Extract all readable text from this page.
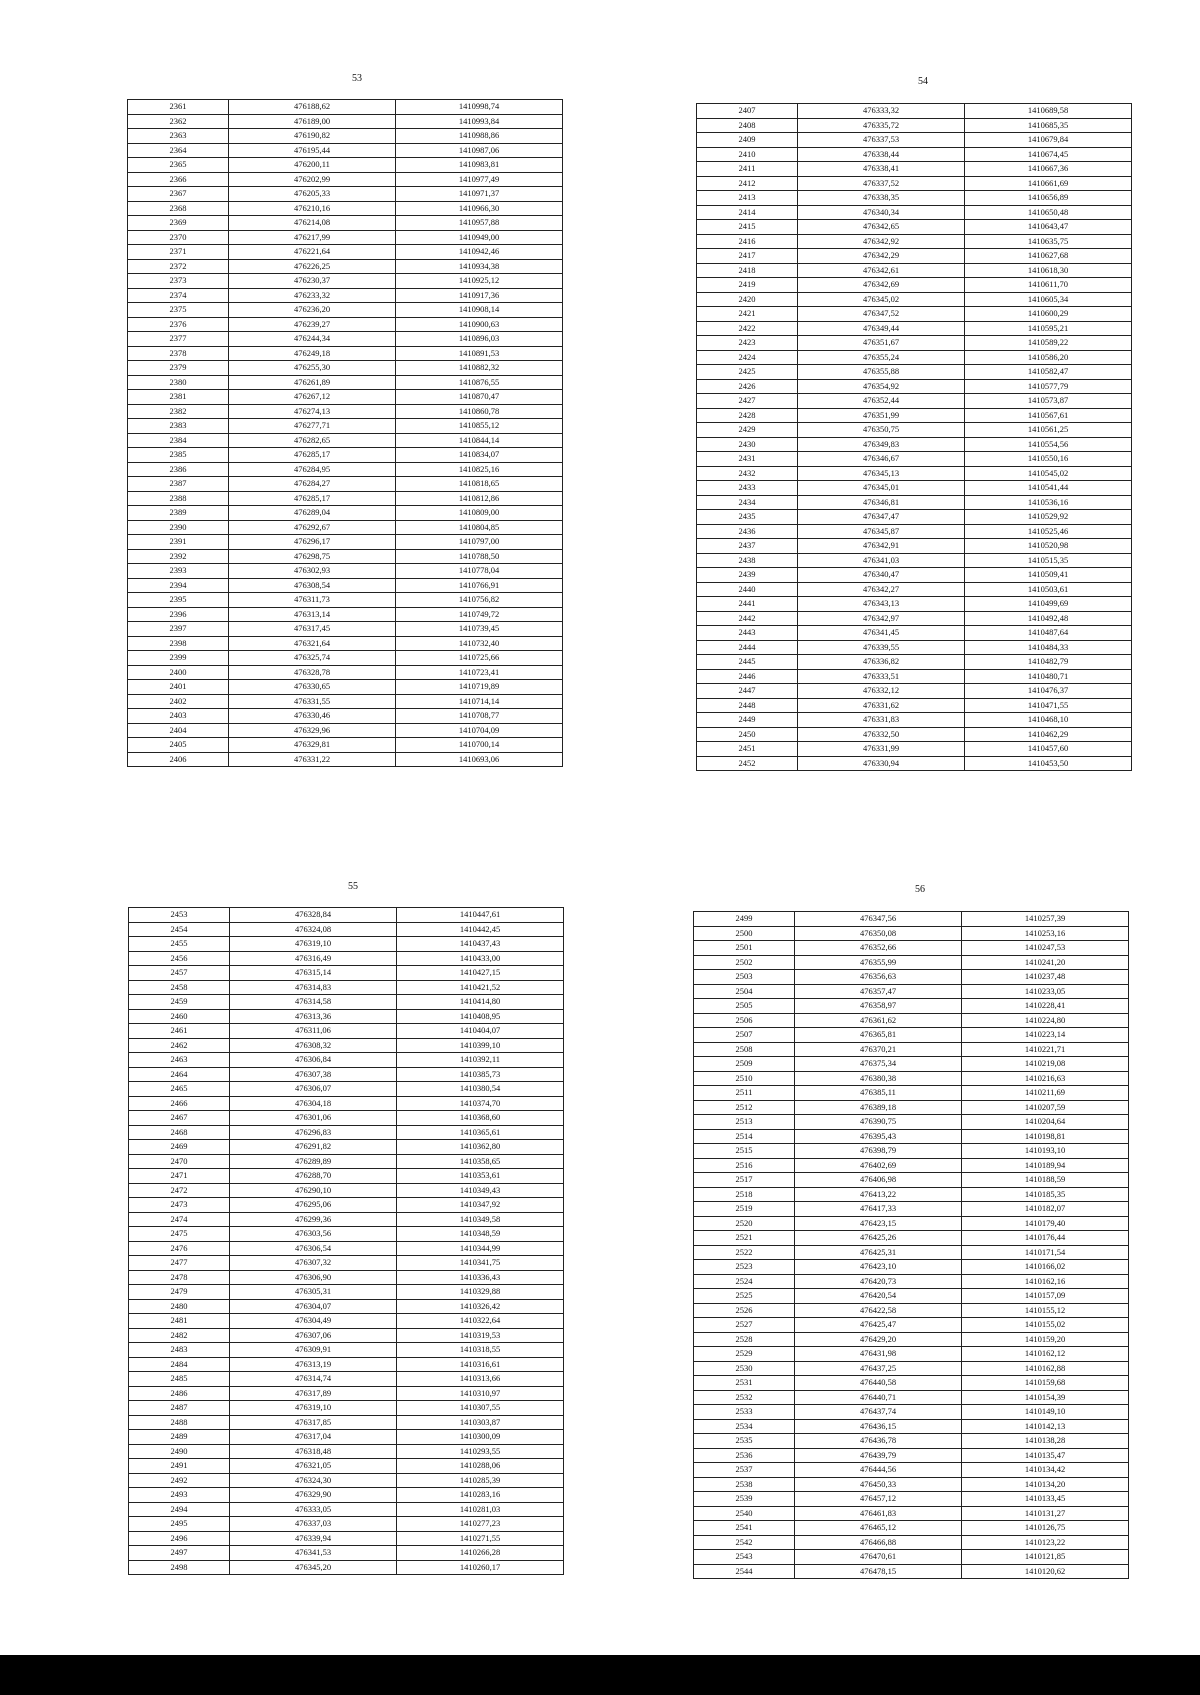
53
2361	476188,62	1410998,74
2362	476189,00	1410993,84
2363	476190,82	1410988,86
2364	476195,44	1410987,06
2365	476200,11	1410983,81
2366	476202,99	1410977,49
2367	476205,33	1410971,37
2368	476210,16	1410966,30
2369	476214,08	1410957,88
2370	476217,99	1410949,00
2371	476221,64	1410942,46
2372	476226,25	1410934,38
2373	476230,37	1410925,12
2374	476233,32	1410917,36
2375	476236,20	1410908,14
2376	476239,27	1410900,63
2377	476244,34	1410896,03
2378	476249,18	1410891,53
2379	476255,30	1410882,32
2380	476261,89	1410876,55
2381	476267,12	1410870,47
2382	476274,13	1410860,78
2383	476277,71	1410855,12
2384	476282,65	1410844,14
2385	476285,17	1410834,07
2386	476284,95	1410825,16
2387	476284,27	1410818,65
2388	476285,17	1410812,86
2389	476289,04	1410809,00
2390	476292,67	1410804,85
2391	476296,17	1410797,00
2392	476298,75	1410788,50
2393	476302,93	1410778,04
2394	476308,54	1410766,91
2395	476311,73	1410756,82
2396	476313,14	1410749,72
2397	476317,45	1410739,45
2398	476321,64	1410732,40
2399	476325,74	1410725,66
2400	476328,78	1410723,41
2401	476330,65	1410719,89
2402	476331,55	1410714,14
2403	476330,46	1410708,77
2404	476329,96	1410704,09
2405	476329,81	1410700,14
2406	476331,22	1410693,06
54
2407	476333,32	1410689,58
2408	476335,72	1410685,35
2409	476337,53	1410679,84
2410	476338,44	1410674,45
2411	476338,41	1410667,36
2412	476337,52	1410661,69
2413	476338,35	1410656,89
2414	476340,34	1410650,48
2415	476342,65	1410643,47
2416	476342,92	1410635,75
2417	476342,29	1410627,68
2418	476342,61	1410618,30
2419	476342,69	1410611,70
2420	476345,02	1410605,34
2421	476347,52	1410600,29
2422	476349,44	1410595,21
2423	476351,67	1410589,22
2424	476355,24	1410586,20
2425	476355,88	1410582,47
2426	476354,92	1410577,79
2427	476352,44	1410573,87
2428	476351,99	1410567,61
2429	476350,75	1410561,25
2430	476349,83	1410554,56
2431	476346,67	1410550,16
2432	476345,13	1410545,02
2433	476345,01	1410541,44
2434	476346,81	1410536,16
2435	476347,47	1410529,92
2436	476345,87	1410525,46
2437	476342,91	1410520,98
2438	476341,03	1410515,35
2439	476340,47	1410509,41
2440	476342,27	1410503,61
2441	476343,13	1410499,69
2442	476342,97	1410492,48
2443	476341,45	1410487,64
2444	476339,55	1410484,33
2445	476336,82	1410482,79
2446	476333,51	1410480,71
2447	476332,12	1410476,37
2448	476331,62	1410471,55
2449	476331,83	1410468,10
2450	476332,50	1410462,29
2451	476331,99	1410457,60
2452	476330,94	1410453,50
55
2453	476328,84	1410447,61
2454	476324,08	1410442,45
2455	476319,10	1410437,43
2456	476316,49	1410433,00
2457	476315,14	1410427,15
2458	476314,83	1410421,52
2459	476314,58	1410414,80
2460	476313,36	1410408,95
2461	476311,06	1410404,07
2462	476308,32	1410399,10
2463	476306,84	1410392,11
2464	476307,38	1410385,73
2465	476306,07	1410380,54
2466	476304,18	1410374,70
2467	476301,06	1410368,60
2468	476296,83	1410365,61
2469	476291,82	1410362,80
2470	476289,89	1410358,65
2471	476288,70	1410353,61
2472	476290,10	1410349,43
2473	476295,06	1410347,92
2474	476299,36	1410349,58
2475	476303,56	1410348,59
2476	476306,54	1410344,99
2477	476307,32	1410341,75
2478	476306,90	1410336,43
2479	476305,31	1410329,88
2480	476304,07	1410326,42
2481	476304,49	1410322,64
2482	476307,06	1410319,53
2483	476309,91	1410318,55
2484	476313,19	1410316,61
2485	476314,74	1410313,66
2486	476317,89	1410310,97
2487	476319,10	1410307,55
2488	476317,85	1410303,87
2489	476317,04	1410300,09
2490	476318,48	1410293,55
2491	476321,05	1410288,06
2492	476324,30	1410285,39
2493	476329,90	1410283,16
2494	476333,05	1410281,03
2495	476337,03	1410277,23
2496	476339,94	1410271,55
2497	476341,53	1410266,28
2498	476345,20	1410260,17
56
2499	476347,56	1410257,39
2500	476350,08	1410253,16
2501	476352,66	1410247,53
2502	476355,99	1410241,20
2503	476356,63	1410237,48
2504	476357,47	1410233,05
2505	476358,97	1410228,41
2506	476361,62	1410224,80
2507	476365,81	1410223,14
2508	476370,21	1410221,71
2509	476375,34	1410219,08
2510	476380,38	1410216,63
2511	476385,11	1410211,69
2512	476389,18	1410207,59
2513	476390,75	1410204,64
2514	476395,43	1410198,81
2515	476398,79	1410193,10
2516	476402,69	1410189,94
2517	476406,98	1410188,59
2518	476413,22	1410185,35
2519	476417,33	1410182,07
2520	476423,15	1410179,40
2521	476425,26	1410176,44
2522	476425,31	1410171,54
2523	476423,10	1410166,02
2524	476420,73	1410162,16
2525	476420,54	1410157,09
2526	476422,58	1410155,12
2527	476425,47	1410155,02
2528	476429,20	1410159,20
2529	476431,98	1410162,12
2530	476437,25	1410162,88
2531	476440,58	1410159,68
2532	476440,71	1410154,39
2533	476437,74	1410149,10
2534	476436,15	1410142,13
2535	476436,78	1410138,28
2536	476439,79	1410135,47
2537	476444,56	1410134,42
2538	476450,33	1410134,20
2539	476457,12	1410133,45
2540	476461,83	1410131,27
2541	476465,12	1410126,75
2542	476466,88	1410123,22
2543	476470,61	1410121,85
2544	476478,15	1410120,62
